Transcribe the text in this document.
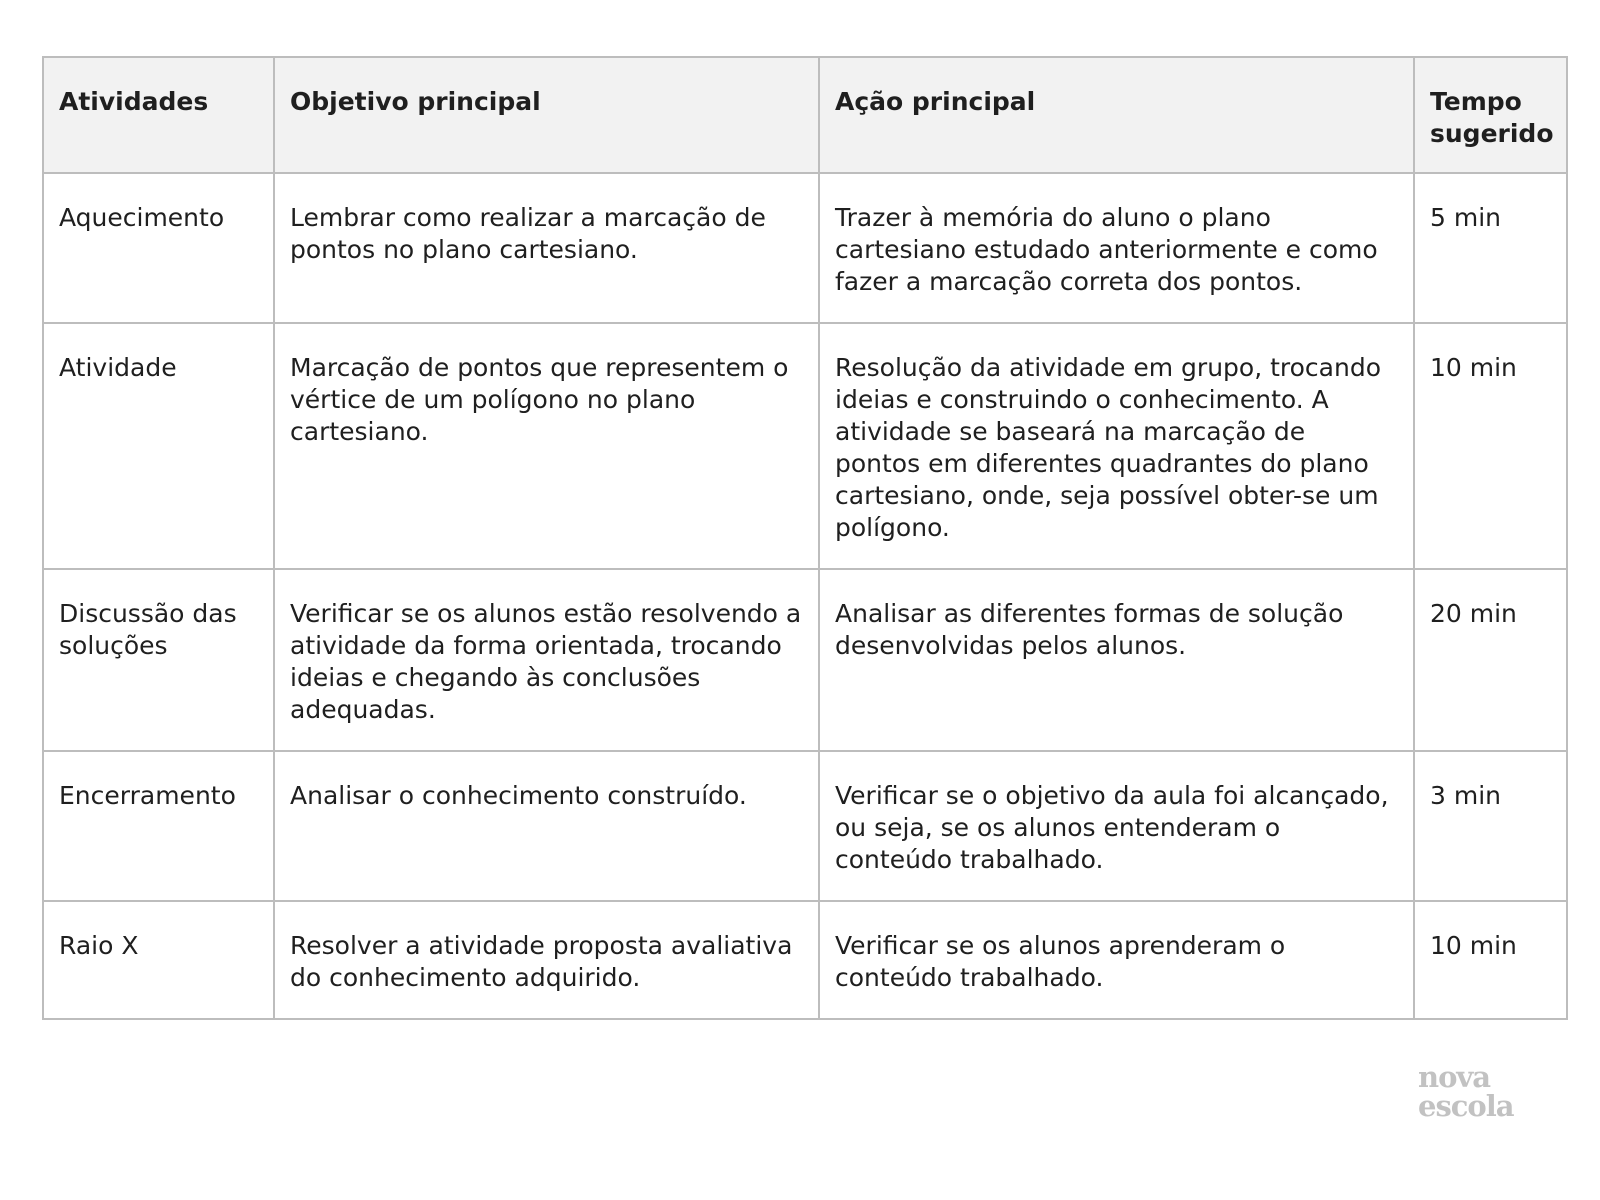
Atividades	Objetivo principal	Ação principal	Tempo sugerido
Aquecimento	Lembrar como realizar a marcação de pontos no plano cartesiano.	Trazer à memória do aluno o plano cartesiano estudado anteriormente e como fazer a marcação correta dos pontos.	5 min
Atividade	Marcação de pontos que representem o vértice de um polígono no plano cartesiano.	Resolução da atividade em grupo, trocando ideias e construindo o conhecimento. A atividade se baseará na marcação de pontos em diferentes quadrantes do plano cartesiano, onde, seja possível obter-se um polígono.	10 min
Discussão das soluções	Verificar se os alunos estão resolvendo a atividade da forma orientada, trocando ideias e chegando às conclusões adequadas.	Analisar as diferentes formas de solução desenvolvidas pelos alunos.	20 min
Encerramento	Analisar o conhecimento construído.	Verificar se o objetivo da aula foi alcançado, ou seja, se os alunos entenderam o conteúdo trabalhado.	3 min
Raio X	Resolver a atividade proposta avaliativa do conhecimento adquirido.	Verificar se os alunos aprenderam o conteúdo trabalhado.	10 min
nova
escola
